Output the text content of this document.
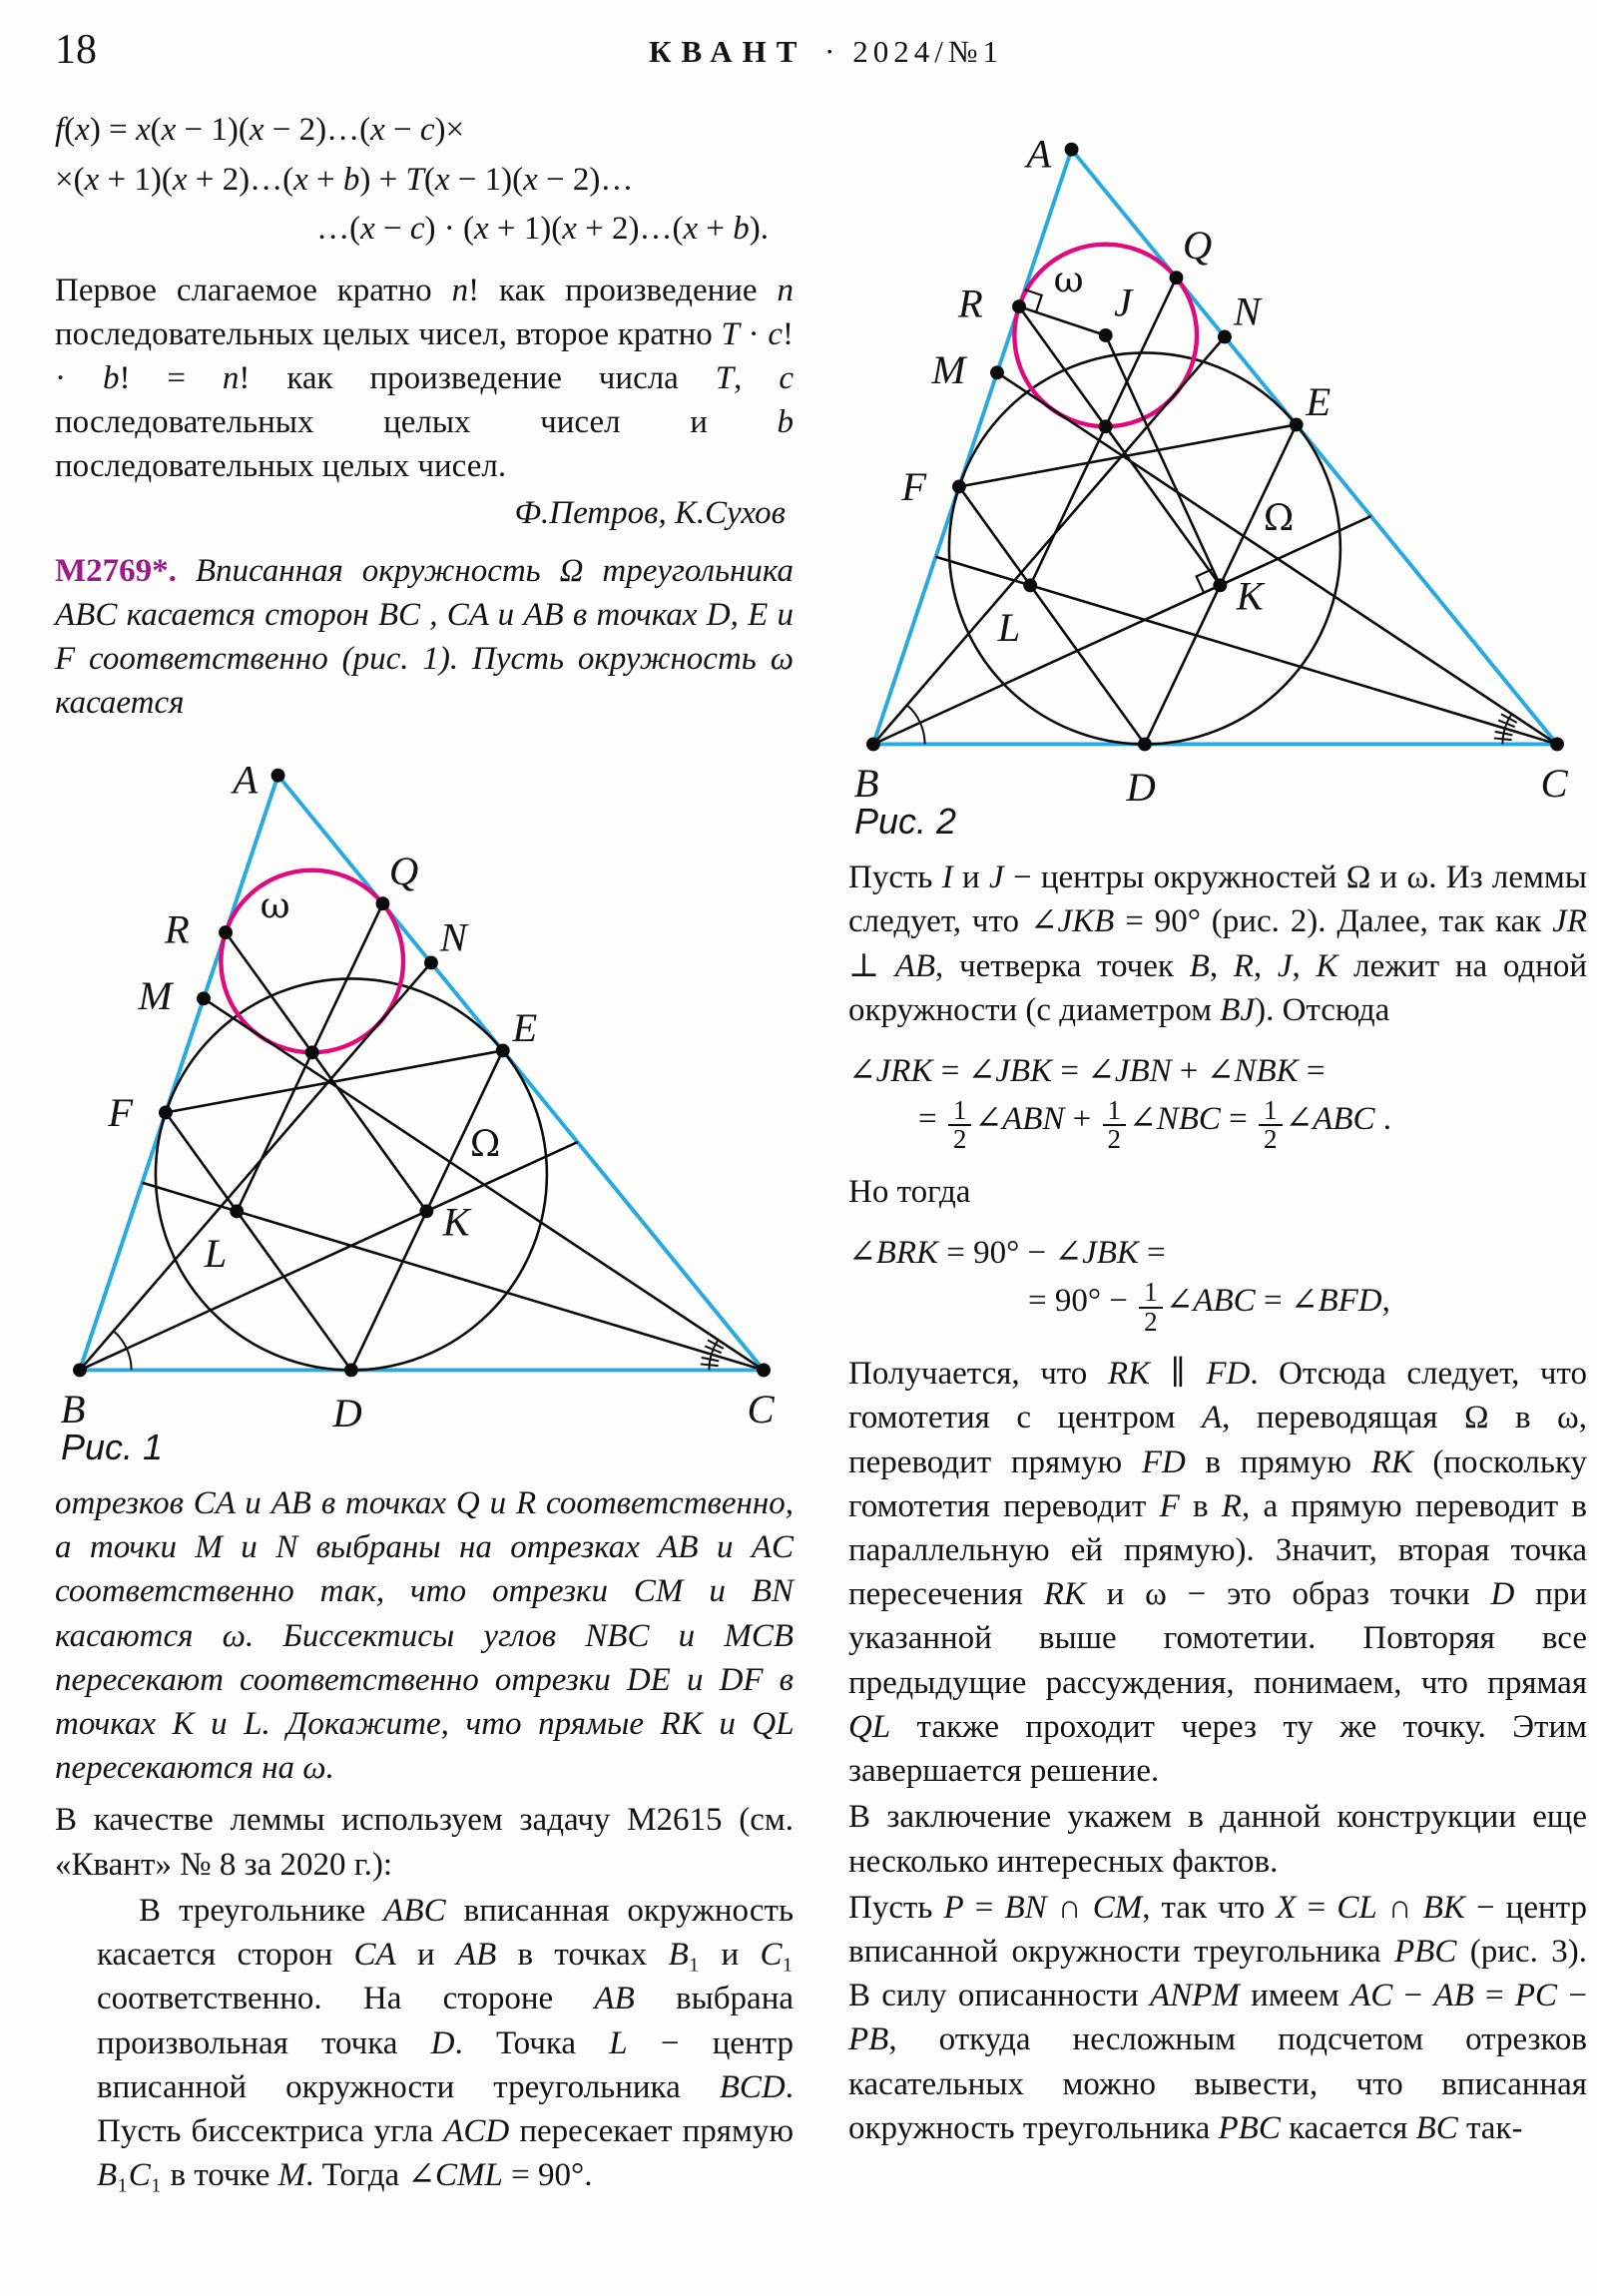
18	КВАНТ · 2024/№1
f(x) = x(x − 1)(x − 2)…(x − c)×
×(x + 1)(x + 2)…(x + b) + T(x − 1)(x − 2)…
…(x − c) · (x + 1)(x + 2)…(x + b).

Первое слагаемое кратно n! как произведение n последовательных целых чисел, второе кратно T · c! · b! = n! как произведение числа T, c последовательных целых чисел и b последовательных целых чисел.

Ф.Петров, К.Сухов

М2769*. Вписанная окружность Ω треугольника ABC касается сторон BC , CA и AB в точках D, E и F соответственно (рис. 1). Пусть окружность ω касается

A
B	C
D
E
F
M
N
Q
R
K
L
ω
Ω
Рис. 1

отрезков CA и AB в точках Q и R соответственно, а точки M и N выбраны на отрезках AB и AC соответственно так, что отрезки CM и BN касаются ω. Биссектисы углов NBC и MCB пересекают соответственно отрезки DE и DF в точках K и L. Докажите, что прямые RK и QL пересекаются на ω.

В качестве леммы используем задачу М2615 (см. «Квант» № 8 за 2020 г.):

В треугольнике ABC вписанная окружность касается сторон CA и AB в точках B₁ и C₁ соответственно. На стороне AB выбрана произвольная точка D. Точка L − центр вписанной окружности треугольника BCD. Пусть биссектриса угла ACD пересекает прямую B₁C₁ в точке M. Тогда ∠CML = 90°.

A
B	C
D
E
F
M
N
Q
R
K
L
J
ω
Ω
Рис. 2

Пусть I и J − центры окружностей Ω и ω. Из леммы следует, что ∠JKB = 90° (рис. 2). Далее, так как JR ⊥ AB, четверка точек B, R, J, K лежит на одной окружности (с диаметром BJ). Отсюда

∠JRK = ∠JBK = ∠JBN + ∠NBK =
= $\frac{1}{2}$ ∠ABN + $\frac{1}{2}$ ∠NBC = $\frac{1}{2}$ ∠ABC .

Но тогда

∠BRK = 90° − ∠JBK =
= $90^\circ - \frac{1}{2}$ ∠ABC = ∠BFD,

Получается, что RK ∥ FD. Отсюда следует, что гомотетия с центром A, переводящая Ω в ω, переводит прямую FD в прямую RK (поскольку гомотетия переводит F в R, а прямую переводит в параллельную ей прямую). Значит, вторая точка пересечения RK и ω − это образ точки D при указанной выше гомотетии. Повторяя все предыдущие рассуждения, понимаем, что прямая QL также проходит через ту же точку. Этим завершается решение.

В заключение укажем в данной конструкции еще несколько интересных фактов.

Пусть P = BN ∩ CM, так что X = CL ∩ BK − центр вписанной окружности треугольника PBC (рис. 3). В силу описанности ANPM имеем AC − AB = PC − PB, откуда несложным подсчетом отрезков касательных можно вывести, что вписанная окружность треугольника PBC касается BC так-
